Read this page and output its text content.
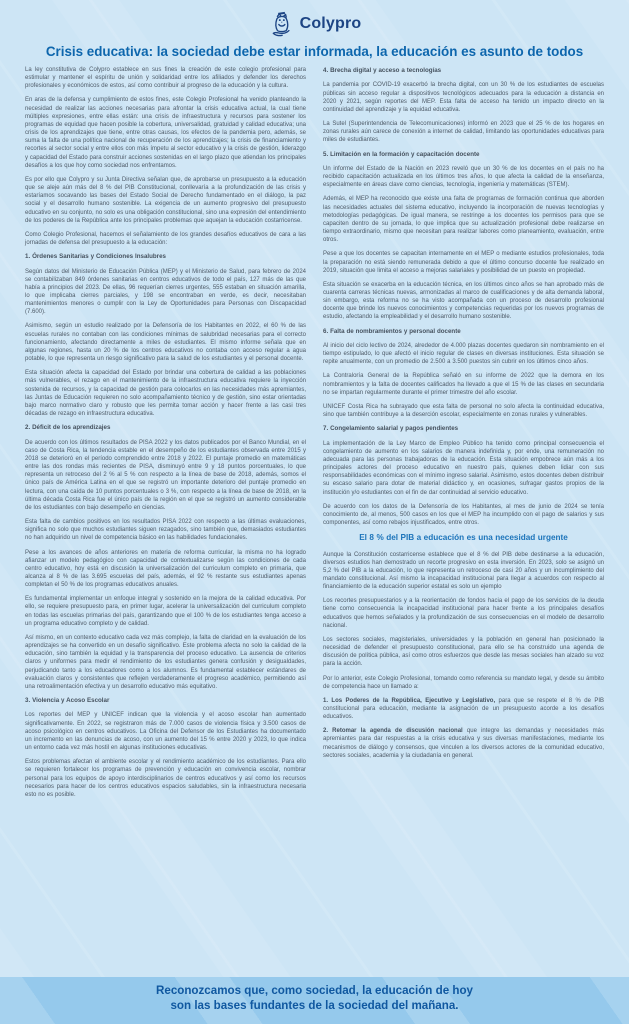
Colypro
Crisis educativa: la sociedad debe estar informada, la educación es asunto de todos

La ley constitutiva de Colypro establece en sus fines la creación de este colegio profesional para estimular y mantener el espíritu de unión y solidaridad entre los afiliados y defender los derechos profesionales y económicos de estos, así como contribuir al progreso de la educación y la cultura.

En aras de la defensa y cumplimiento de estos fines, este Colegio Profesional ha venido planteando la necesidad de realizar las acciones necesarias para afrontar la crisis educativa actual, la cual tiene múltiples expresiones, entre ellas están: una crisis de infraestructura y recursos para sostener los programas de equidad que hacen posible la cobertura, universalidad, gratuidad y calidad educativa; una crisis de los aprendizajes que tiene, entre otras causas, los efectos de la pandemia pero, además, se suma la falta de una política nacional de recuperación de los aprendizajes; la crisis de financiamiento y recortes al sector social y entre ellos con más ímpetu al sector educativo y la crisis de gestión, liderazgo y capacidad del Estado para construir acciones sostenidas en el largo plazo que atiendan los principales desafíos a los que hoy como sociedad nos enfrentamos.

Es por ello que Colypro y su Junta Directiva señalan que, de aprobarse un presupuesto a la educación que se aleje aún más del 8 % del PIB Constitucional, conllevaría a la profundización de las crisis y estaríamos socavando las bases del Estado Social de Derecho fundamentado en el diálogo, la paz social y el desarrollo humano sostenible. La exigencia de un aumento progresivo del presupuesto educativo en su conjunto, no solo es una obligación constitucional, sino una expresión del entendimiento de los poderes de la República ante los principales problemas que aquejan la educación costarricense.

Como Colegio Profesional, hacemos el señalamiento de los grandes desafíos educativos de cara a las jornadas de defensa del presupuesto a la educación:

1. Órdenes Sanitarias y Condiciones Insalubres

Según datos del Ministerio de Educación Pública (MEP) y el Ministerio de Salud, para febrero de 2024 se contabilizaban 849 órdenes sanitarias en centros educativos de todo el país, 127 más de las que había a principios del 2023. De ellas, 96 requerían cierres urgentes, 555 estaban en situación amarilla, lo que implicaba cierres parciales, y 198 se encontraban en verde, es decir, necesitaban mantenimientos menores o cumplir con la Ley de Oportunidades para Personas con Discapacidad (7.600).

Asimismo, según un estudio realizado por la Defensoría de los Habitantes en 2022, el 60 % de las escuelas rurales no contaban con las condiciones mínimas de salubridad necesarias para el correcto funcionamiento, afectando directamente a miles de estudiantes. El mismo informe señala que en algunas regiones, hasta un 20 % de los centros educativos no contaba con acceso regular a agua potable, lo que representa un riesgo significativo para la salud de los estudiantes y el personal docente.

Esta situación afecta la capacidad del Estado por brindar una cobertura de calidad a las poblaciones más vulnerables, el rezago en el mantenimiento de la infraestructura educativa requiere la inyección sostenida de recursos, y la capacidad de gestión para colocarlos en las necesidades más apremiantes, las Juntas de Educación requieren no solo acompañamiento técnico y de gestión, sino estar orientadas bajo marco normativo claro y robusto que les permita tomar acción y hacer frente a las casi tres décadas de rezago en infraestructura educativa.

2. Déficit de los aprendizajes

De acuerdo con los últimos resultados de PISA 2022 y los datos publicados por el Banco Mundial, en el caso de Costa Rica, la tendencia estable en el desempeño de los estudiantes observada entre 2015 y 2018 se deterioró en el período comprendido entre 2018 y 2022. El puntaje promedio en matemáticas entre las dos rondas más recientes de PISA, disminuyó entre 9 y 18 puntos porcentuales, lo que representa un retroceso del 2 % al 5 % con respecto a la línea de base de 2018, además, somos el único país de América Latina en el que se registró un importante deterioro del puntaje promedio en lectura, con una caída de 10 puntos porcentuales o 3 %, con respecto a la línea de base de 2018, en la última década Costa Rica fue el único país de la región en el que se registró un aumento considerable de los estudiantes con bajo desempeño en ciencias.

Esta falta de cambios positivos en los resultados PISA 2022 con respecto a las últimas evaluaciones, significa no solo que muchos estudiantes siguen rezagados, sino también que, demasiados estudiantes no han adquirido un nivel de competencia básico en las habilidades fundacionales.

Pese a los avances de años anteriores en materia de reforma curricular, la misma no ha logrado afianzar un modelo pedagógico con capacidad de contextualizarse según las condiciones de cada centro educativo, hoy está en discusión la universalización del curriculum completo en primaria, que alcanza al 8 % de las 3.695 escuelas del país, además, el 92 % restante sus estudiantes apenas completan el 50 % de los programas educativos anuales.

Es fundamental implementar un enfoque integral y sostenido en la mejora de la calidad educativa. Por ello, se requiere presupuesto para, en primer lugar, acelerar la universalización del curriculum completo en todas las escuelas primarias del país, garantizando que el 100 % de los estudiantes tenga acceso a un programa educativo completo y de calidad.

Así mismo, en un contexto educativo cada vez más complejo, la falta de claridad en la evaluación de los aprendizajes se ha convertido en un desafío significativo. Este problema afecta no solo la calidad de la educación, sino también la equidad y la transparencia del proceso educativo. La ausencia de criterios claros y uniformes para medir el rendimiento de los estudiantes genera confusión y desigualdades, perjudicando tanto a los educadores como a los alumnos. Es fundamental establecer estándares de evaluación claros y consistentes que reflejen verdaderamente el progreso académico, permitiendo así una retroalimentación efectiva y un desarrollo educativo más equitativo.

3. Violencia y Acoso Escolar

Los reportes del MEP y UNICEF indican que la violencia y el acoso escolar han aumentado significativamente. En 2022, se registraron más de 7.000 casos de violencia física y 3.500 casos de acoso psicológico en centros educativos. La Oficina del Defensor de los Estudiantes ha documentado un incremento en las denuncias de acoso, con un aumento del 15 % entre 2020 y 2023, lo que indica un entorno cada vez más hostil en algunas instituciones educativas.

Estos problemas afectan el ambiente escolar y el rendimiento académico de los estudiantes. Para ello se requieren fortalecer los programas de prevención y educación en convivencia escolar, nombrar personal para los equipos de apoyo interdisciplinarios de centros educativos y así como los recursos necesarios para hacer de los centros educativos espacios saludables, sin la infraestructura necesaria esto no es posible.

4. Brecha digital y acceso a tecnologías

La pandemia por COVID-19 exacerbó la brecha digital, con un 30 % de los estudiantes de escuelas públicas sin acceso regular a dispositivos tecnológicos adecuados para la educación a distancia en 2020 y 2021, según reportes del MEP. Esta falta de acceso ha tenido un impacto directo en la continuidad del aprendizaje y la equidad educativa.

La Sutel (Superintendencia de Telecomunicaciones) informó en 2023 que el 25 % de los hogares en zonas rurales aún carece de conexión a internet de calidad, limitando las oportunidades educativas para miles de estudiantes.

5. Limitación en la formación y capacitación docente

Un informe del Estado de la Nación en 2023 reveló que un 30 % de los docentes en el país no ha recibido capacitación actualizada en los últimos tres años, lo que afecta la calidad de la enseñanza, especialmente en áreas clave como ciencias, tecnología, ingeniería y matemáticas (STEM).

Además, el MEP ha reconocido que existe una falta de programas de formación continua que aborden las necesidades actuales del sistema educativo, incluyendo la incorporación de nuevas tecnologías y metodologías pedagógicas. De igual manera, se restringe a los docentes los permisos para que se capaciten dentro de su jornada, lo que implica que su actualización profesional debe realizarse en tiempo extraordinario, mismo que necesitan para realizar labores como planeamiento, evaluación, entre otros.

Pese a que los docentes se capacitan internamente en el MEP o mediante estudios profesionales, toda la preparación no está siendo remunerada debido a que el último concurso docente fue realizado en 2019, situación que limita el acceso a mejoras salariales y posibilidad de un puesto en propiedad.

Esta situación se exacerba en la educación técnica, en los últimos cinco años se han aprobado más de cuarenta carreras técnicas nuevas, armonizadas al marco de cualificaciones y de alta demanda laboral, sin embargo, esta reforma no se ha visto acompañada con un proceso de desarrollo profesional docente que brinde los nuevos conocimientos y competencias requeridas por los nuevos programas de estudio, afectando la empleabilidad y el desarrollo humano sostenible.

6. Falta de nombramientos y personal docente

Al inicio del ciclo lectivo de 2024, alrededor de 4.000 plazas docentes quedaron sin nombramiento en el tiempo estipulado, lo que afectó el inicio regular de clases en diversas instituciones. Esta situación se repite anualmente, con un promedio de 2.500 a 3.500 puestos sin cubrir en los últimos cinco años.

La Contraloría General de la República señaló en su informe de 2022 que la demora en los nombramientos y la falta de docentes calificados ha llevado a que el 15 % de las clases en secundaria no se impartan regularmente durante el primer trimestre del año escolar.

UNICEF Costa Rica ha subrayado que esta falta de personal no solo afecta la continuidad educativa, sino que también contribuye a la deserción escolar, especialmente en zonas rurales y vulnerables.

7. Congelamiento salarial y pagos pendientes

La implementación de la Ley Marco de Empleo Público ha tenido como principal consecuencia el congelamiento de aumento en los salarios de manera indefinida y, por ende, una remuneración no adecuada para las personas trabajadoras de la educación. Esta situación empobrece aún más a los principales actores del proceso educativo en nuestro país, quienes deben lidiar con sus responsabilidades económicas con el mínimo ingreso salarial. Asimismo, estos docentes deben distribuir su escaso salario para dotar de material didáctico y, en ocasiones, sufragar gastos propios de la institución y/o estudiantes con el fin de dar continuidad al servicio educativo.

De acuerdo con los datos de la Defensoría de los Habitantes, al mes de junio de 2024 se tenía conocimiento de, al menos, 500 casos en los que el MEP ha incumplido con el pago de salarios y sus componentes, así como rebajos injustificados, entre otros.

El 8 % del PIB a educación es una necesidad urgente

Aunque la Constitución costarricense establece que el 8 % del PIB debe destinarse a la educación, diversos estudios han demostrado un recorte progresivo en esta inversión. En 2023, solo se asignó un 5,2 % del PIB a la educación, lo que representa un retroceso de casi 20 años y un incumplimiento del mandato constitucional. Así mismo la incapacidad institucional para llegar a acuerdos con respecto al financiamiento de la educación superior estatal es solo un ejemplo

Los recortes presupuestarios y a la reorientación de fondos hacia el pago de los servicios de la deuda tiene como consecuencia la incapacidad institucional para hacer frente a los principales desafíos educativos que hemos señalados y la profundización de sus consecuencias en el modelo de desarrollo nacional.

Los sectores sociales, magisteriales, universidades y la población en general han posicionado la necesidad de defender el presupuesto constitucional, para ello se ha construido una agenda de discusión de política pública, así como otros esfuerzos que desde las mesas sociales han alzado su voz para la acción.

Por lo anterior, este Colegio Profesional, tomando como referencia su mandato legal, y desde su ámbito de competencia hace un llamado a:

1. Los Poderes de la República, Ejecutivo y Legislativo, para que se respete el 8 % de PIB constitucional para educación, mediante la asignación de un presupuesto acorde a los desafíos educativos.

2. Retomar la agenda de discusión nacional que integre las demandas y necesidades más apremiantes para dar respuestas a la crisis educativa y sus diversas manifestaciones, mediante los mecanismos de diálogo y consensos, que vinculen a los diversos actores de la comunidad educativo, sectores sociales, academia y la ciudadanía en general.

Reconozcamos que, como sociedad, la educación de hoy
son las bases fundantes de la sociedad del mañana.
